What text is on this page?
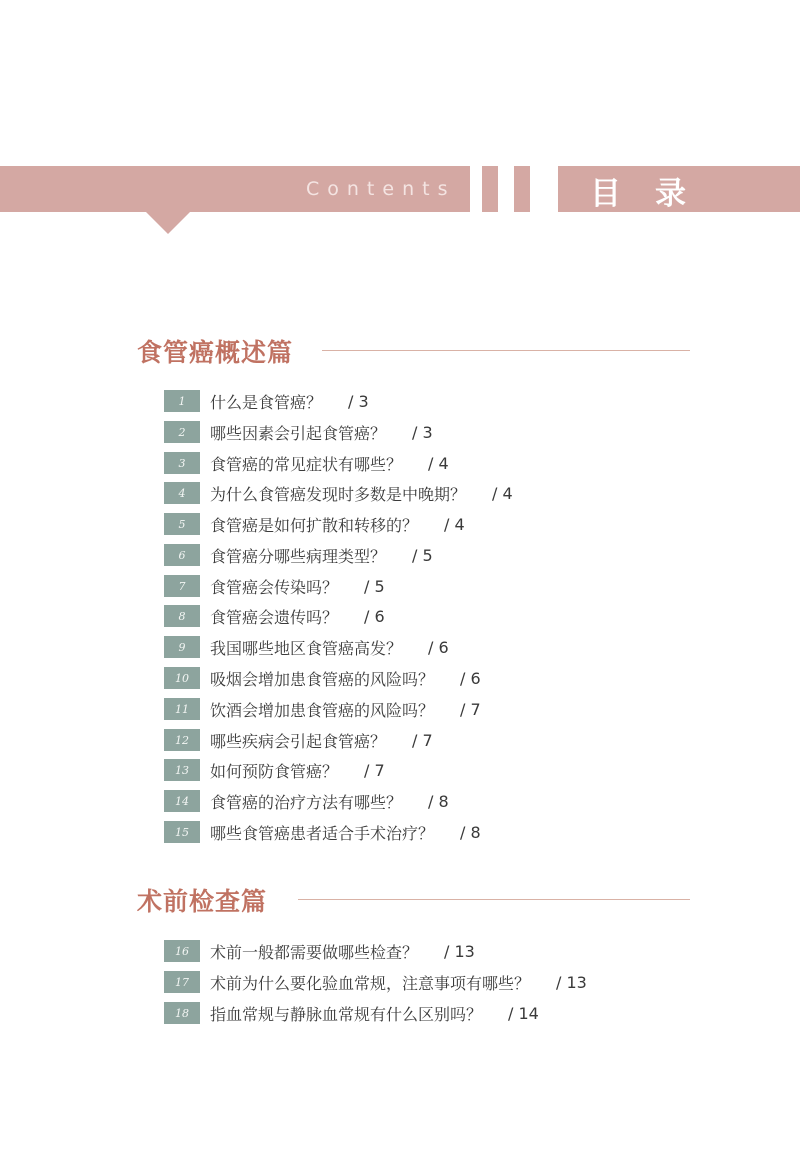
Contents	目录
食管癌概述篇
1	什么是食管癌？ / 3
2	哪些因素会引起食管癌？ / 3
3	食管癌的常见症状有哪些？ / 4
4	为什么食管癌发现时多数是中晚期？ / 4
5	食管癌是如何扩散和转移的？ / 4
6	食管癌分哪些病理类型？ / 5
7	食管癌会传染吗？ / 5
8	食管癌会遗传吗？ / 6
9	我国哪些地区食管癌高发？ / 6
10	吸烟会增加患食管癌的风险吗？ / 6
11	饮酒会增加患食管癌的风险吗？ / 7
12	哪些疾病会引起食管癌？ / 7
13	如何预防食管癌？ / 7
14	食管癌的治疗方法有哪些？ / 8
15	哪些食管癌患者适合手术治疗？ / 8
术前检查篇
16	术前一般都需要做哪些检查？ / 13
17	术前为什么要化验血常规，注意事项有哪些？ / 13
18	指血常规与静脉血常规有什么区别吗？ / 14
